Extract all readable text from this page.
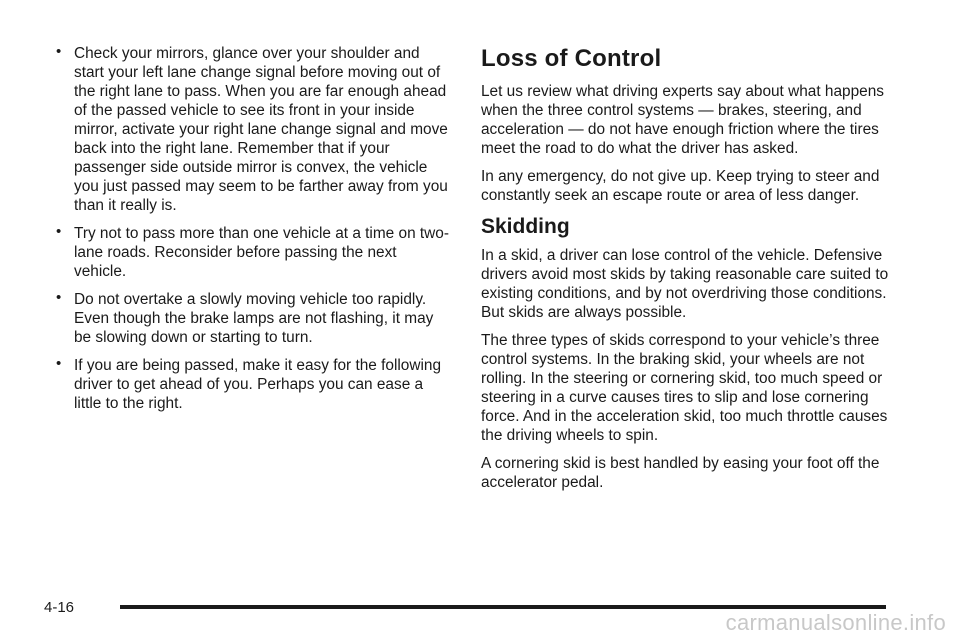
• Check your mirrors, glance over your shoulder and start your left lane change signal before moving out of the right lane to pass. When you are far enough ahead of the passed vehicle to see its front in your inside mirror, activate your right lane change signal and move back into the right lane. Remember that if your passenger side outside mirror is convex, the vehicle you just passed may seem to be farther away from you than it really is.
• Try not to pass more than one vehicle at a time on two-lane roads. Reconsider before passing the next vehicle.
• Do not overtake a slowly moving vehicle too rapidly. Even though the brake lamps are not flashing, it may be slowing down or starting to turn.
• If you are being passed, make it easy for the following driver to get ahead of you. Perhaps you can ease a little to the right.
Loss of Control

Let us review what driving experts say about what happens when the three control systems — brakes, steering, and acceleration — do not have enough friction where the tires meet the road to do what the driver has asked.

In any emergency, do not give up. Keep trying to steer and constantly seek an escape route or area of less danger.

Skidding

In a skid, a driver can lose control of the vehicle. Defensive drivers avoid most skids by taking reasonable care suited to existing conditions, and by not overdriving those conditions. But skids are always possible.

The three types of skids correspond to your vehicle’s three control systems. In the braking skid, your wheels are not rolling. In the steering or cornering skid, too much speed or steering in a curve causes tires to slip and lose cornering force. And in the acceleration skid, too much throttle causes the driving wheels to spin.

A cornering skid is best handled by easing your foot off the accelerator pedal.

4-16
carmanualsonline.info
